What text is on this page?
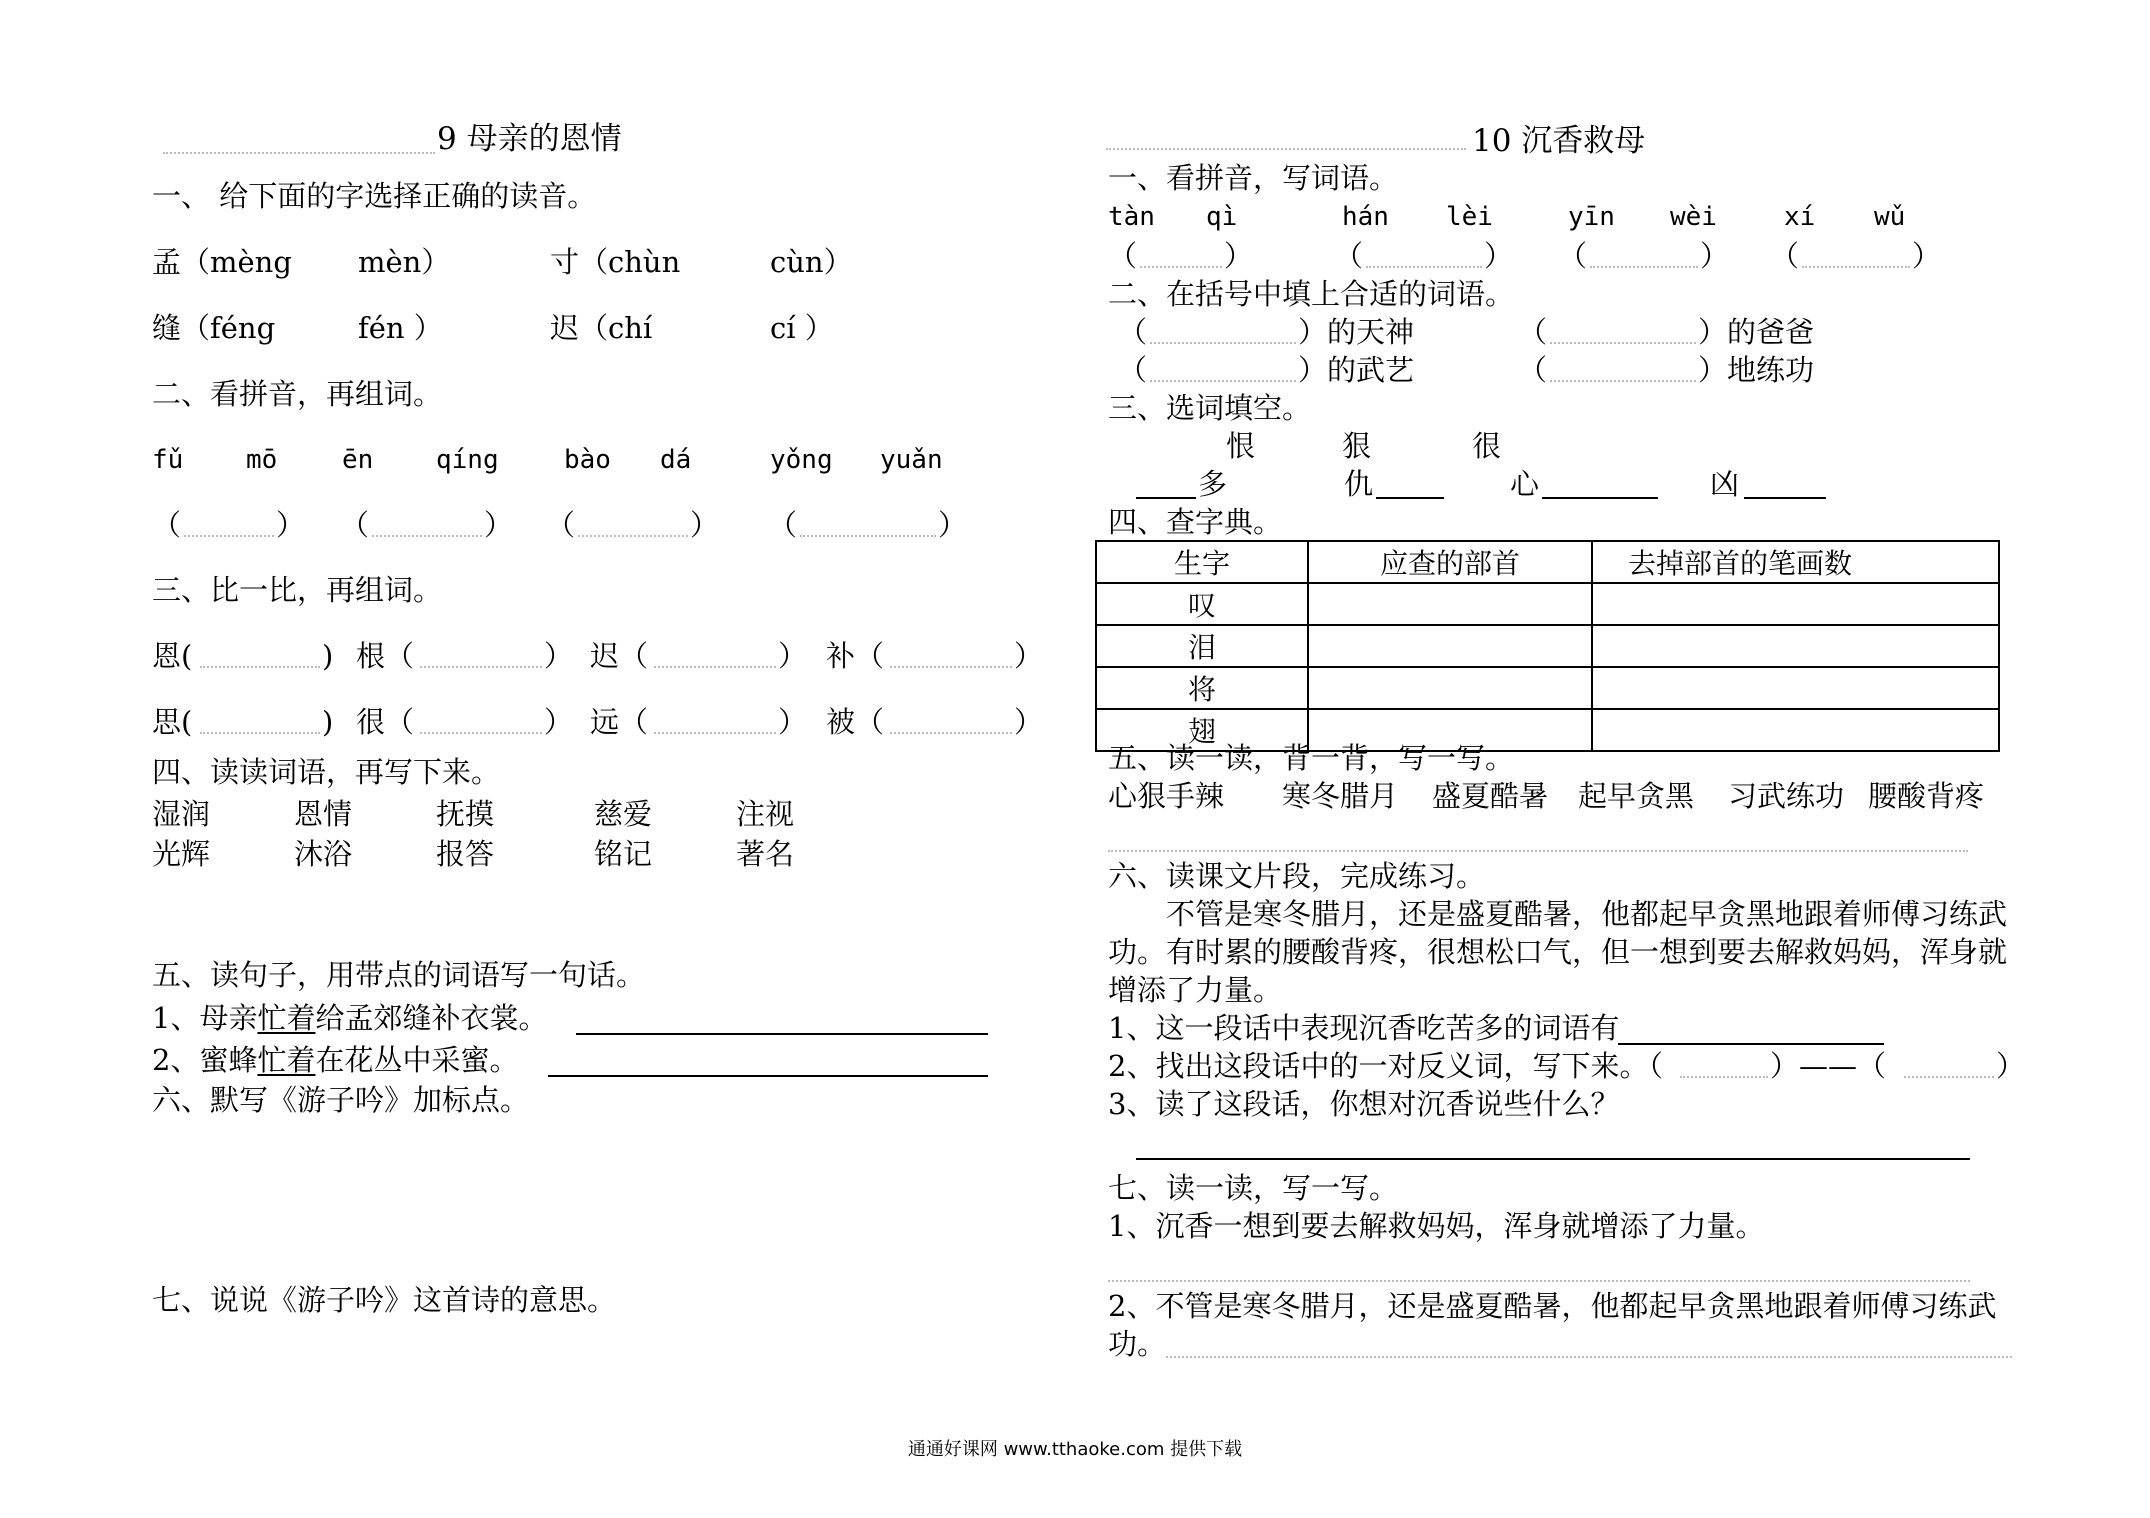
9 母亲的恩情
一、 给下面的字选择正确的读音。
孟（mèng mèn）	寸（chùn	cùn）
缝（féng	fén ）	迟（chí	cí ）
二、看拼音，再组词。
fǔ mō ēn qíng	bào dá	yǒng yuǎn
（	） （	） （	） （	）
三、比一比，再组词。
恩(	) 根（	） 迟（	） 补（	）
思(	) 很（	） 远（	） 被（	）
四、读读词语，再写下来。
湿润	恩情	抚摸	慈爱	注视
光辉	沐浴	报答	铭记	著名
五、读句子，用带点的词语写一句话。
1、母亲忙着给孟郊缝补衣裳。
2、蜜蜂忙着在花丛中采蜜。
六、默写《游子吟》加标点。
七、说说《游子吟》这首诗的意思。
10 沉香救母
一、看拼音，写词语。
tàn qì	hán lèi	yīn wèi	xí wǔ
（	）	（	） （	） （	）
二、在括号中填上合适的词语。
（	）的天神	（	）的爸爸
（	）的武艺	（	）地练功
三、选词填空。
恨	狠	很
多	仇	心	凶
四、查字典。
生字	应查的部首	去掉部首的笔画数
叹		
泪		
将		
翅		
五、读一读，背一背，写一写。
心狠手辣 寒冬腊月 盛夏酷暑 起早贪黑 习武练功 腰酸背疼
六、读课文片段，完成练习。
不管是寒冬腊月，还是盛夏酷暑，他都起早贪黑地跟着师傅习练武
功。有时累的腰酸背疼，很想松口气，但一想到要去解救妈妈，浑身就
增添了力量。
1、这一段话中表现沉香吃苦多的词语有
2、找出这段话中的一对反义词，写下来。（	）——（	）
3、读了这段话，你想对沉香说些什么？
七、读一读，写一写。
1、沉香一想到要去解救妈妈，浑身就增添了力量。
2、不管是寒冬腊月，还是盛夏酷暑，他都起早贪黑地跟着师傅习练武
功。
通通好课网 www.tthaoke.com 提供下载
